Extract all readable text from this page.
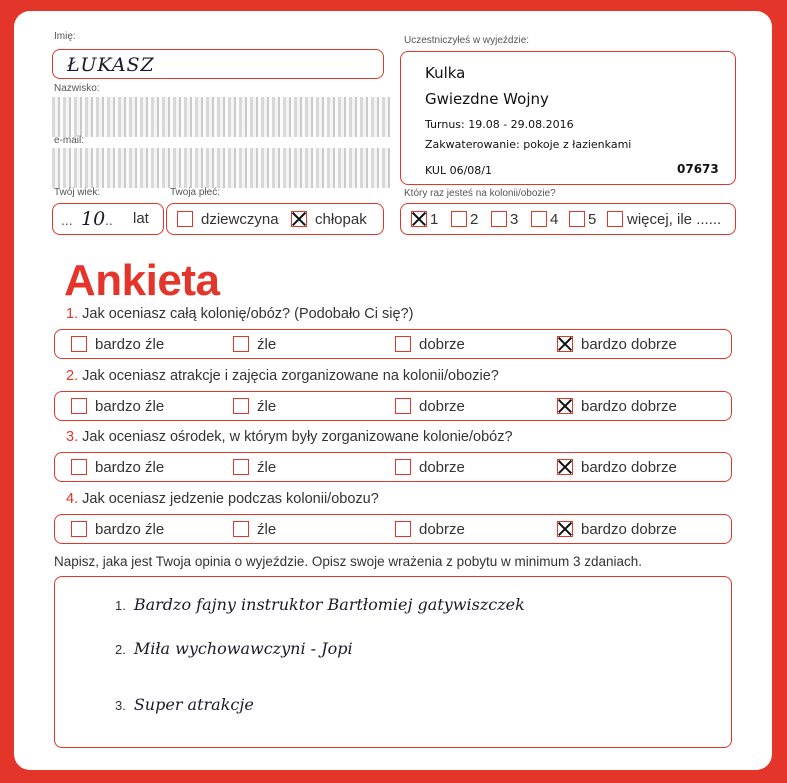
Imię:
ŁUKASZ
Nazwisko:
e-mail:
Twój wiek:
... 10 .. lat
Twoja płeć:
dziewczyna chłopak
Uczestniczyłeś w wyjeździe:
Kulka
Gwiezdne Wojny
Turnus: 19.08 - 29.08.2016
Zakwaterowanie: pokoje z łazienkami
KUL 06/08/1	07673
Który raz jesteś na kolonii/obozie?
1 2 3 4 5 więcej, ile ......
Ankieta
1. Jak oceniasz całą kolonię/obóz? (Podobało Ci się?)
bardzo źle	źle	dobrze	bardzo dobrze
2. Jak oceniasz atrakcje i zajęcia zorganizowane na kolonii/obozie?
bardzo źle	źle	dobrze	bardzo dobrze
3. Jak oceniasz ośrodek, w którym były zorganizowane kolonie/obóz?
bardzo źle	źle	dobrze	bardzo dobrze
4. Jak oceniasz jedzenie podczas kolonii/obozu?
bardzo źle	źle	dobrze	bardzo dobrze
Napisz, jaka jest Twoja opinia o wyjeździe. Opisz swoje wrażenia z pobytu w minimum 3 zdaniach.
1. Bardzo fajny instruktor Bartłomiej gatywiszczek
2. Miła wychowawczyni - Jopi
3. Super atrakcje
